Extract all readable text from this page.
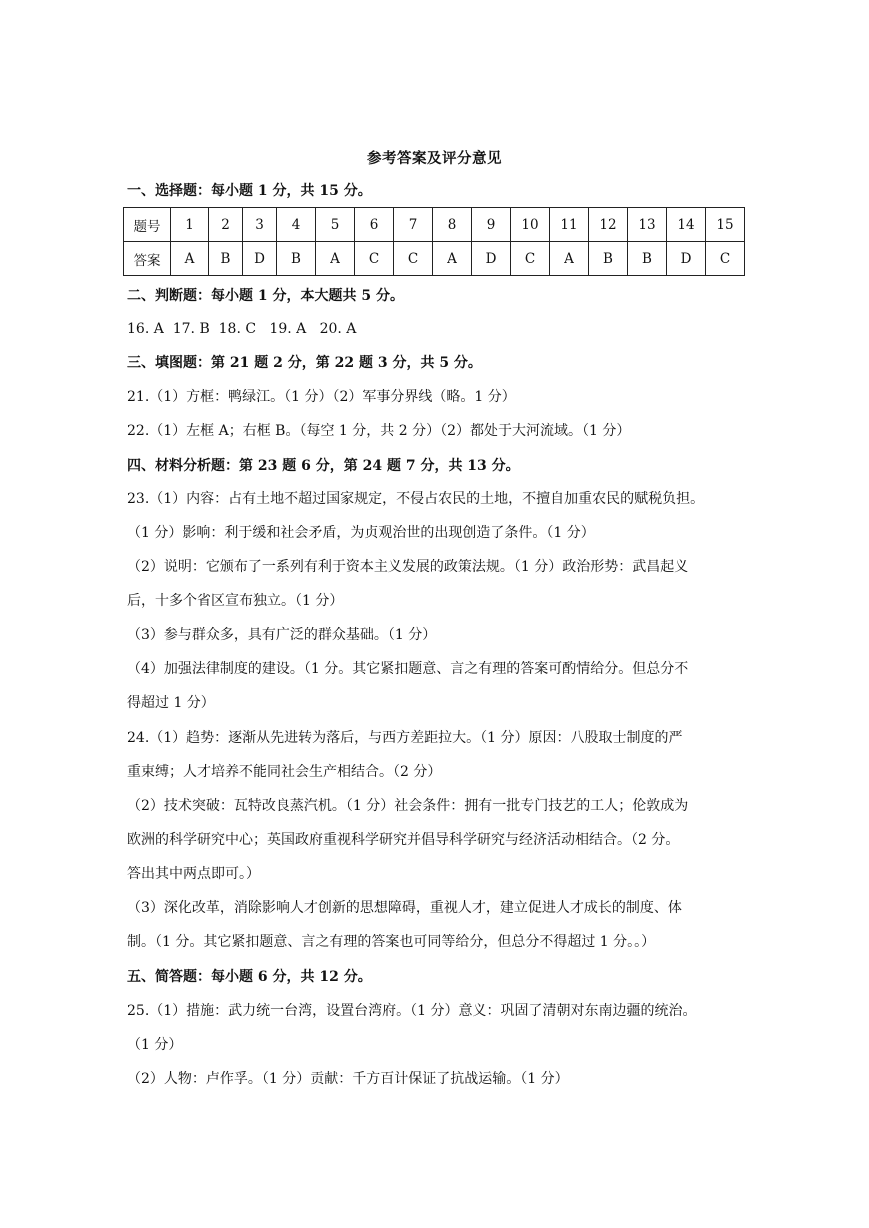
参考答案及评分意见
一、选择题：每小题 1 分，共 15 分。
题号	1	2	3	4	5	6	7	8	9	10	11	12	13	14	15
答案	A	B	D	B	A	C	C	A	D	C	A	B	B	D	C
二、判断题：每小题 1 分，本大题共 5 分。
16. A  17. B  18. C   19. A   20. A
三、填图题：第 21 题 2 分，第 22 题 3 分，共 5 分。
21.（1）方框：鸭绿江。（1 分）（2）军事分界线（略。1 分）
22.（1）左框 A；右框 B。（每空 1 分，共 2 分）（2）都处于大河流域。（1 分）
四、材料分析题：第 23 题 6 分，第 24 题 7 分，共 13 分。
23.（1）内容：占有土地不超过国家规定，不侵占农民的土地，不擅自加重农民的赋税负担。
（1 分）影响：利于缓和社会矛盾，为贞观治世的出现创造了条件。（1 分）
（2）说明：它颁布了一系列有利于资本主义发展的政策法规。（1 分）政治形势：武昌起义
后，十多个省区宣布独立。（1 分）
（3）参与群众多，具有广泛的群众基础。（1 分）
（4）加强法律制度的建设。（1 分。其它紧扣题意、言之有理的答案可酌情给分。但总分不
得超过 1 分）
24.（1）趋势：逐渐从先进转为落后，与西方差距拉大。（1 分）原因：八股取士制度的严
重束缚；人才培养不能同社会生产相结合。（2 分）
（2）技术突破：瓦特改良蒸汽机。（1 分）社会条件：拥有一批专门技艺的工人；伦敦成为
欧洲的科学研究中心；英国政府重视科学研究并倡导科学研究与经济活动相结合。（2 分。
答出其中两点即可。）
（3）深化改革，消除影响人才创新的思想障碍，重视人才，建立促进人才成长的制度、体
制。（1 分。其它紧扣题意、言之有理的答案也可同等给分，但总分不得超过 1 分。。）
五、简答题：每小题 6 分，共 12 分。
25.（1）措施：武力统一台湾，设置台湾府。（1 分）意义：巩固了清朝对东南边疆的统治。
（1 分）
（2）人物：卢作孚。（1 分）贡献：千方百计保证了抗战运输。（1 分）
